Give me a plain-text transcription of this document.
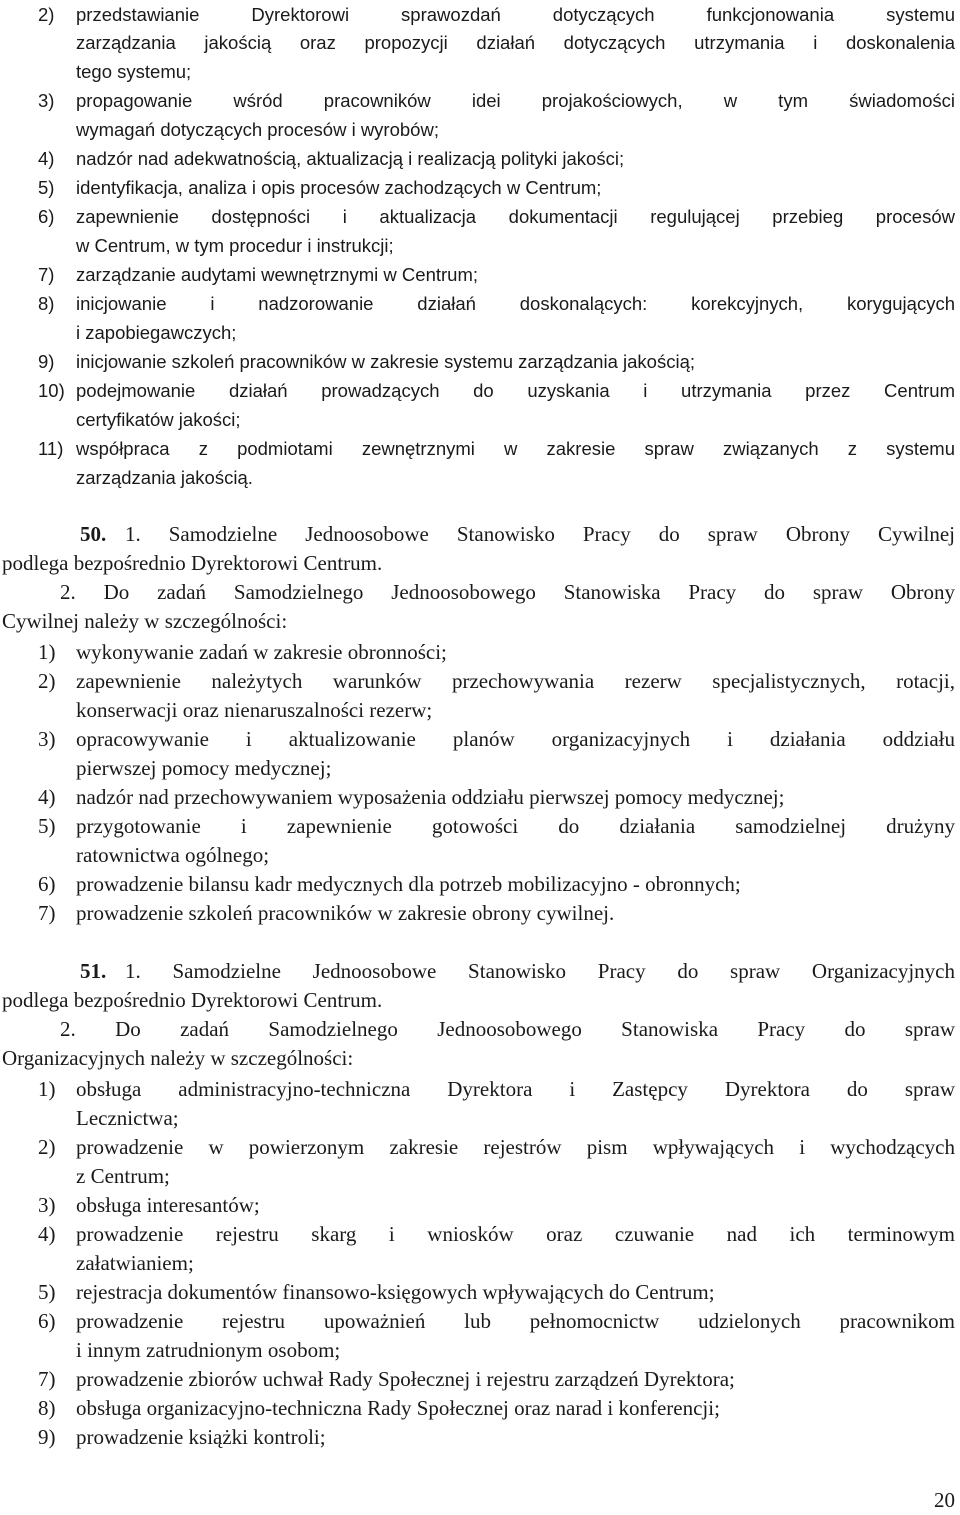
2) przedstawianie Dyrektorowi sprawozdań dotyczących funkcjonowania systemu
zarządzania jakością oraz propozycji działań dotyczących utrzymania i doskonalenia
tego systemu;
3) propagowanie wśród pracowników idei projakościowych, w tym świadomości
wymagań dotyczących procesów i wyrobów;
4) nadzór nad adekwatnością, aktualizacją i realizacją polityki jakości;
5) identyfikacja, analiza i opis procesów zachodzących w Centrum;
6) zapewnienie dostępności i aktualizacja dokumentacji regulującej przebieg procesów
w Centrum, w tym procedur i instrukcji;
7) zarządzanie audytami wewnętrznymi w Centrum;
8) inicjowanie i nadzorowanie działań doskonalących: korekcyjnych, korygujących
i zapobiegawczych;
9) inicjowanie szkoleń pracowników w zakresie systemu zarządzania jakością;
10) podejmowanie działań prowadzących do uzyskania i utrzymania przez Centrum
certyfikatów jakości;
11) współpraca z podmiotami zewnętrznymi w zakresie spraw związanych z systemu
zarządzania jakością.
50. 1. Samodzielne Jednoosobowe Stanowisko Pracy do spraw Obrony Cywilnej
podlega bezpośrednio Dyrektorowi Centrum.
2. Do zadań Samodzielnego Jednoosobowego Stanowiska Pracy do spraw Obrony
Cywilnej należy w szczególności:
1) wykonywanie zadań w zakresie obronności;
2) zapewnienie należytych warunków przechowywania rezerw specjalistycznych, rotacji,
konserwacji oraz nienaruszalności rezerw;
3) opracowywanie i aktualizowanie planów organizacyjnych i działania oddziału
pierwszej pomocy medycznej;
4) nadzór nad przechowywaniem wyposażenia oddziału pierwszej pomocy medycznej;
5) przygotowanie i zapewnienie gotowości do działania samodzielnej drużyny
ratownictwa ogólnego;
6) prowadzenie bilansu kadr medycznych dla potrzeb mobilizacyjno - obronnych;
7) prowadzenie szkoleń pracowników w zakresie obrony cywilnej.
51. 1. Samodzielne Jednoosobowe Stanowisko Pracy do spraw Organizacyjnych
podlega bezpośrednio Dyrektorowi Centrum.
2. Do zadań Samodzielnego Jednoosobowego Stanowiska Pracy do spraw
Organizacyjnych należy w szczególności:
1) obsługa administracyjno-techniczna Dyrektora i Zastępcy Dyrektora do spraw
Lecznictwa;
2) prowadzenie w powierzonym zakresie rejestrów pism wpływających i wychodzących
z Centrum;
3) obsługa interesantów;
4) prowadzenie rejestru skarg i wniosków oraz czuwanie nad ich terminowym
załatwianiem;
5) rejestracja dokumentów finansowo-księgowych wpływających do Centrum;
6) prowadzenie rejestru upoważnień lub pełnomocnictw udzielonych pracownikom
i innym zatrudnionym osobom;
7) prowadzenie zbiorów uchwał Rady Społecznej i rejestru zarządzeń Dyrektora;
8) obsługa organizacyjno-techniczna Rady Społecznej oraz narad i konferencji;
9) prowadzenie książki kontroli;
20
